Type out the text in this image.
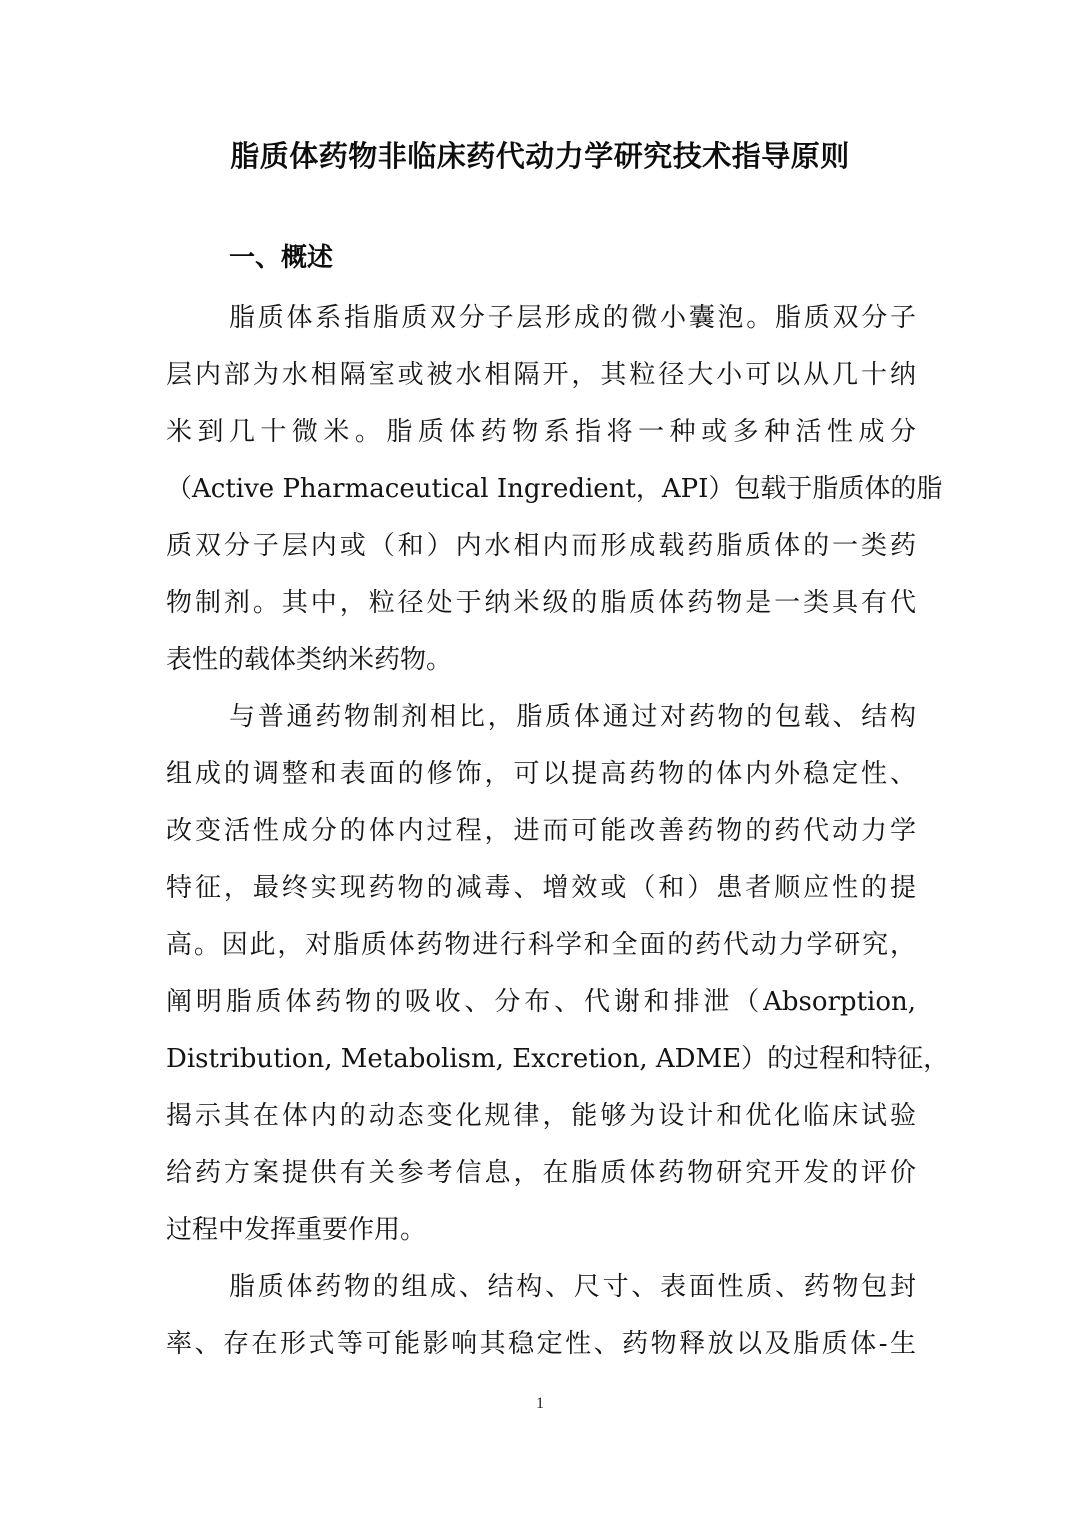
脂质体药物非临床药代动力学研究技术指导原则
一、概述

脂质体系指脂质双分子层形成的微小囊泡。脂质双分子

层内部为水相隔室或被水相隔开，其粒径大小可以从几十纳

米到几十微米。脂质体药物系指将一种或多种活性成分

（Active Pharmaceutical Ingredient，API）包载于脂质体的脂

质双分子层内或（和）内水相内而形成载药脂质体的一类药

物制剂。其中，粒径处于纳米级的脂质体药物是一类具有代

表性的载体类纳米药物。

与普通药物制剂相比，脂质体通过对药物的包载、结构

组成的调整和表面的修饰，可以提高药物的体内外稳定性、

改变活性成分的体内过程，进而可能改善药物的药代动力学

特征，最终实现药物的减毒、增效或（和）患者顺应性的提

高。因此，对脂质体药物进行科学和全面的药代动力学研究，

阐明脂质体药物的吸收、分布、代谢和排泄（Absorption,

Distribution, Metabolism, Excretion, ADME）的过程和特征，

揭示其在体内的动态变化规律，能够为设计和优化临床试验

给药方案提供有关参考信息，在脂质体药物研究开发的评价

过程中发挥重要作用。

脂质体药物的组成、结构、尺寸、表面性质、药物包封

率、存在形式等可能影响其稳定性、药物释放以及脂质体-生

1
